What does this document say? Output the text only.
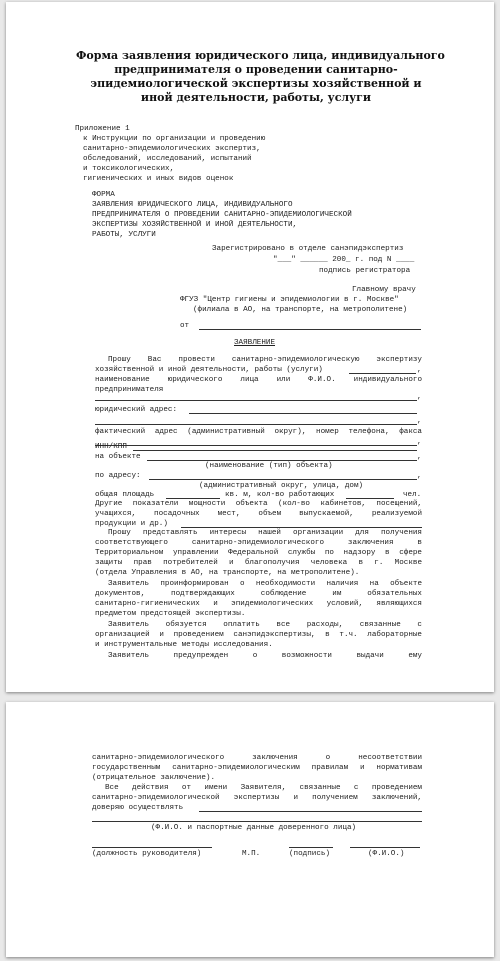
Форма заявления юридического лица, индивидуального
предпринимателя о проведении санитарно-
эпидемиологической экспертизы хозяйственной и
иной деятельности, работы, услуги
Приложение 1
к Инструкции по организации и проведению
санитарно-эпидемиологических экспертиз,
обследований, исследований, испытаний
и токсикологических,
гигиенических и иных видов оценок
ФОРМА
ЗАЯВЛЕНИЯ ЮРИДИЧЕСКОГО ЛИЦА, ИНДИВИДУАЛЬНОГО
ПРЕДПРИНИМАТЕЛЯ О ПРОВЕДЕНИИ САНИТАРНО-ЭПИДЕМИОЛОГИЧЕСКОЙ
ЭКСПЕРТИЗЫ ХОЗЯЙСТВЕННОЙ И ИНОЙ ДЕЯТЕЛЬНОСТИ,
РАБОТЫ, УСЛУГИ
Зарегистрировано в отделе санэпидэкспертиз
"___" ______ 200_ г. под N ____
подпись регистратора
Главному врачу
ФГУЗ "Центр гигиены и эпидемиологии в г. Москве"
(филиала в АО, на транспорте, на метрополитене)
от
ЗАЯВЛЕНИЕ
Прошу Вас провести санитарно-эпидемиологическую экспертизу
хозяйственной и иной деятельности, работы (услуги)	,
наименование юридического лица или Ф.И.О. индивидуального
предпринимателя
,
юридический адрес:
,
фактический адрес (административный округ), номер телефона, факса
,
ИНН/КПП
на объекте	,
(наименование (тип) объекта)
по адресу:	,
(административный округ, улица, дом)
общая площадь	кв. м, кол-во работающих	чел.
Другие показатели мощности объекта (кол-во кабинетов, посещений,
учащихся, посадочных мест, объем выпускаемой, реализуемой
продукции и др.)
Прошу представлять интересы нашей организации для получения
соответствующего санитарно-эпидемиологического заключения в
Территориальном управлении Федеральной службы по надзору в сфере
защиты прав потребителей и благополучия человека в г. Москве
(отдела Управления в АО, на транспорте, на метрополитене).
Заявитель проинформирован о необходимости наличия на объекте
документов, подтверждающих соблюдение им обязательных
санитарно-гигиенических и эпидемиологических условий, являющихся
предметом предстоящей экспертизы.
Заявитель обязуется оплатить все расходы, связанные с
организацией и проведением санэпидэкспертизы, в т.ч. лабораторные
и инструментальные методы исследования.
Заявитель предупрежден о возможности выдачи ему
санитарно-эпидемиологического заключения о несоответствии
государственным санитарно-эпидемиологическим правилам и нормативам
(отрицательное заключение).
Все действия от имени Заявителя, связанные с проведением
санитарно-эпидемиологической экспертизы и получением заключений,
доверяю осуществлять
(Ф.И.О. и паспортные данные доверенного лица)
(должность руководителя)	М.П.	(подпись)	(Ф.И.О.)
